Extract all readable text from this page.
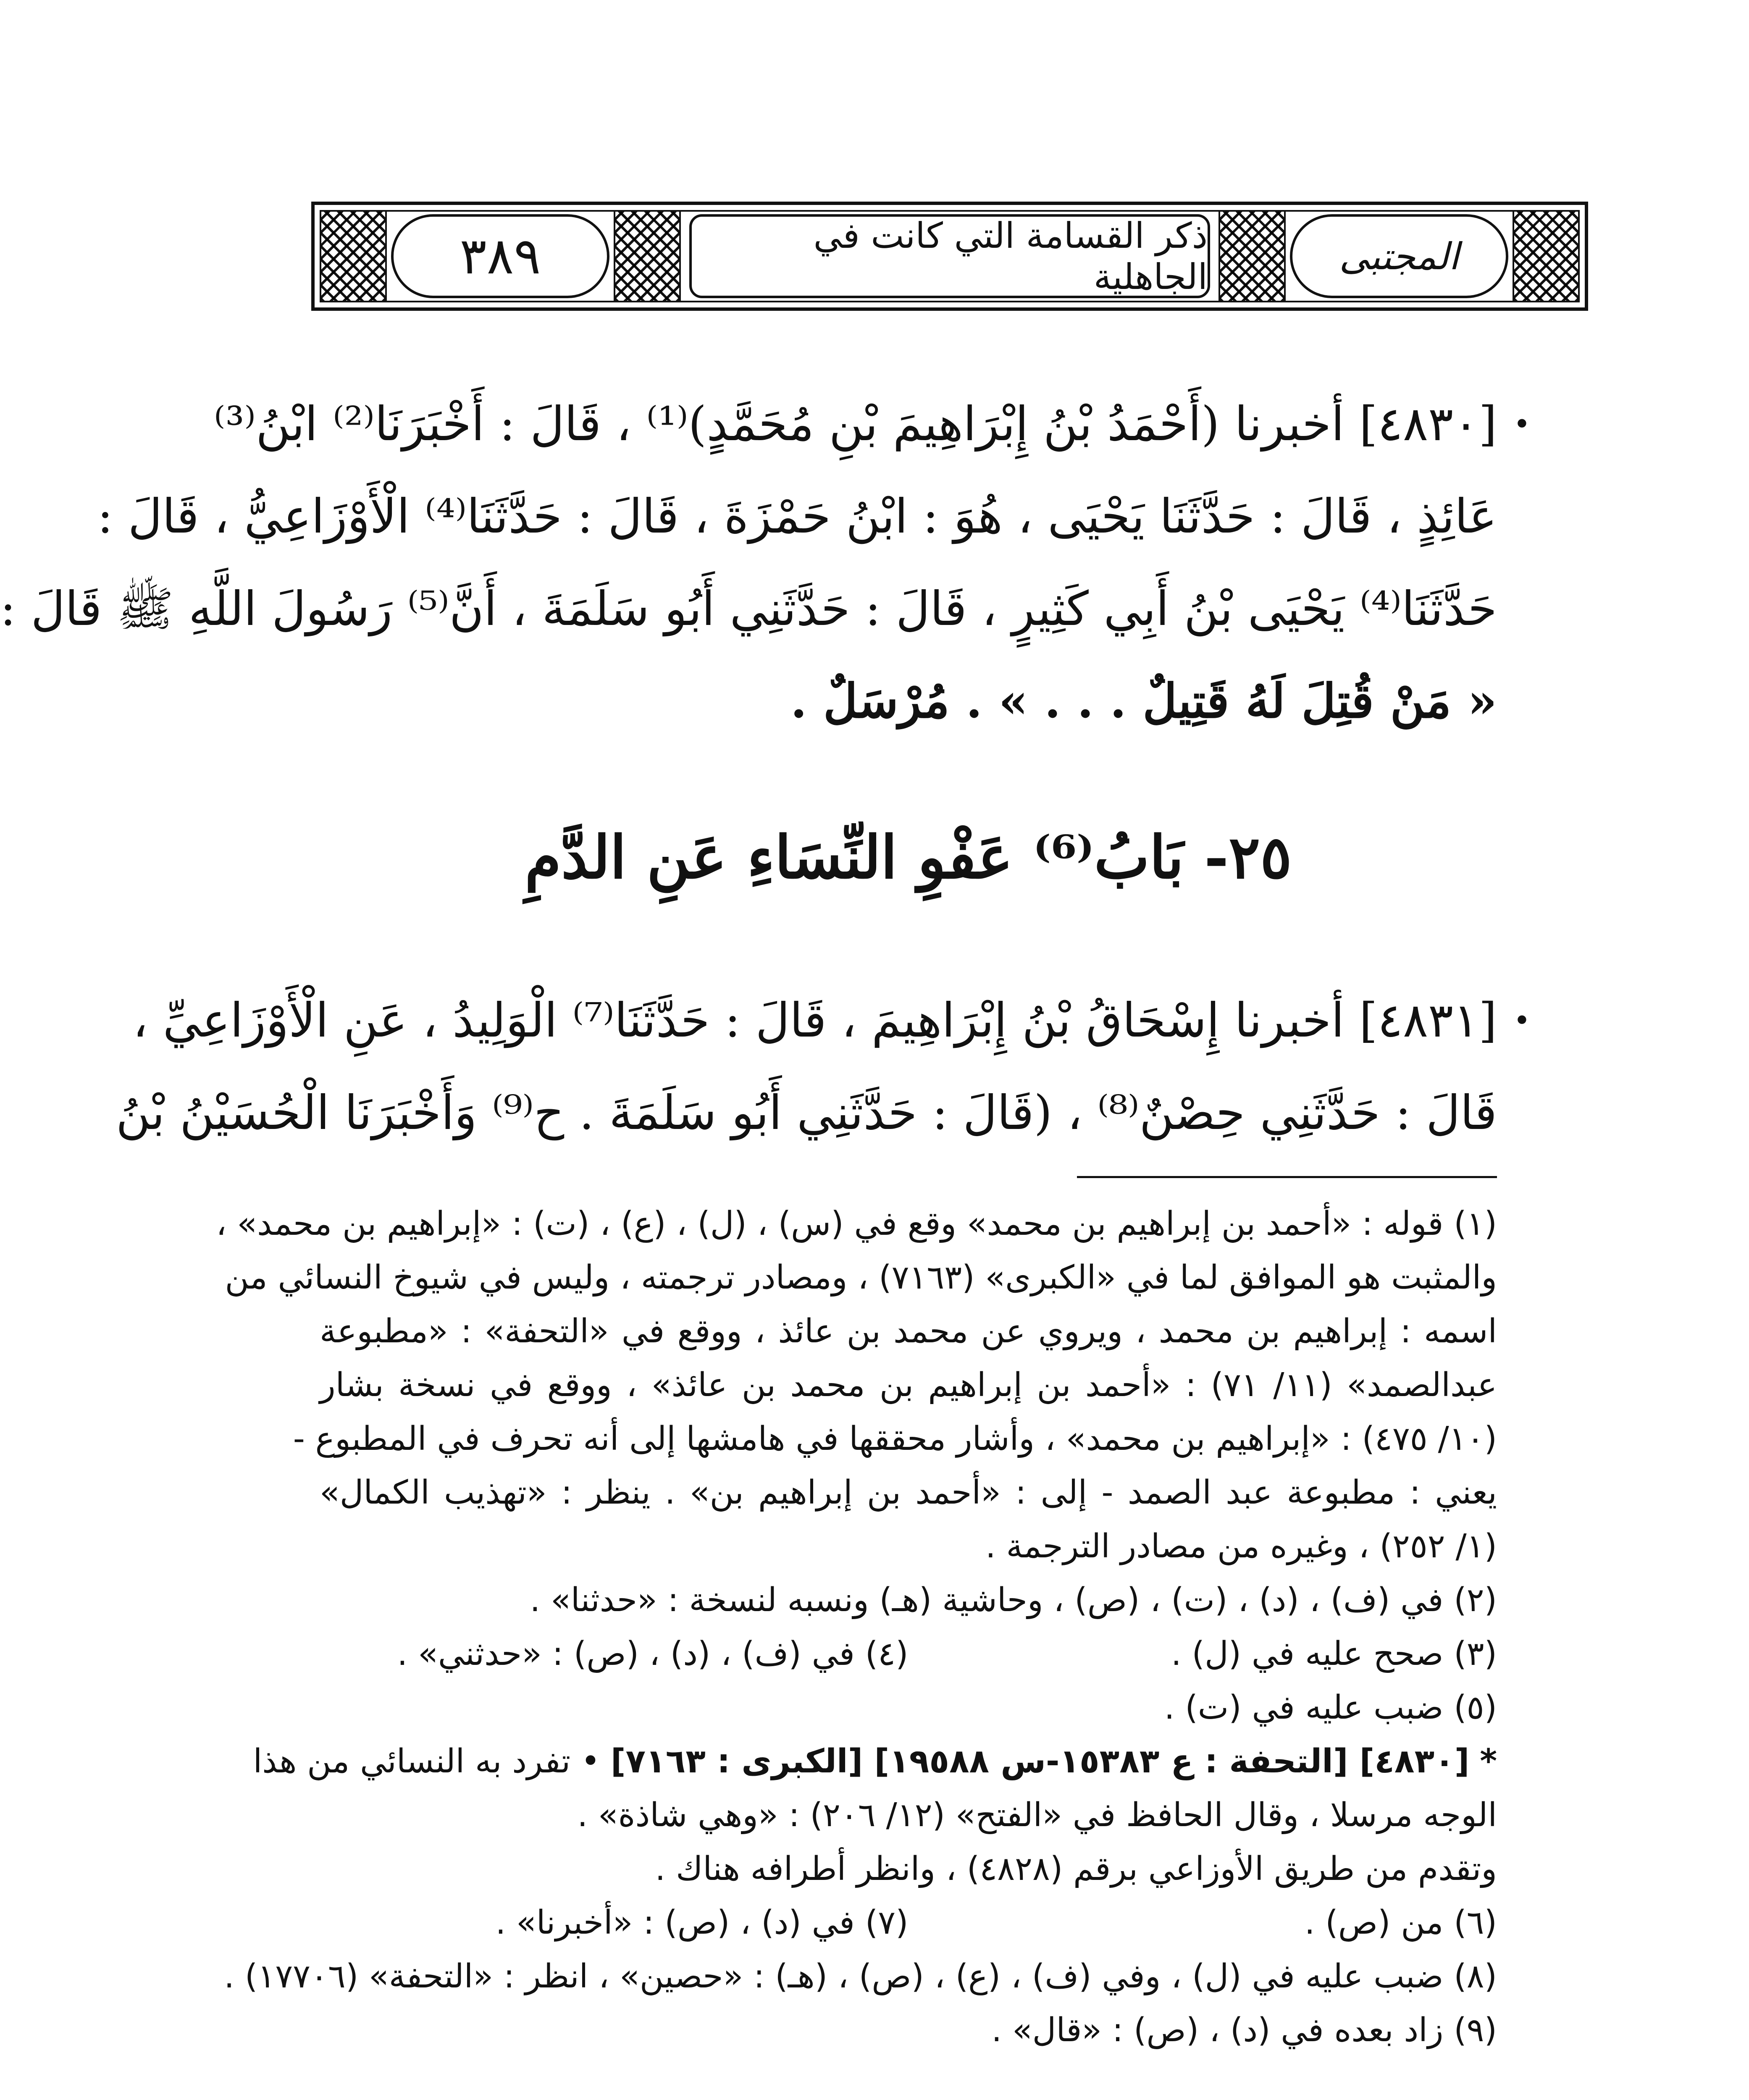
٣٨٩	ذكر القسامة التي كانت في الجاهلية	المجتبى
•
[٤٨٣٠] أخبرنا (أَحْمَدُ بْنُ إِبْرَاهِيمَ بْنِ مُحَمَّدٍ)⁽¹⁾ ، قَالَ : أَخْبَرَنَا⁽²⁾ ابْنُ⁽³⁾
عَائِذٍ ، قَالَ : حَدَّثَنَا يَحْيَى ، هُوَ : ابْنُ حَمْزَةَ ، قَالَ : حَدَّثَنَا⁽⁴⁾ الْأَوْزَاعِيُّ ، قَالَ :
حَدَّثَنَا⁽⁴⁾ يَحْيَى بْنُ أَبِي كَثِيرٍ ، قَالَ : حَدَّثَنِي أَبُو سَلَمَةَ ، أَنَّ⁽⁵⁾ رَسُولَ اللَّهِ ﷺ قَالَ :
« مَنْ قُتِلَ لَهُ قَتِيلٌ . . . » . مُرْسَلٌ .
٢٥- بَابُ⁽⁶⁾ عَفْوِ النِّسَاءِ عَنِ الدَّمِ
•
[٤٨٣١] أخبرنا إِسْحَاقُ بْنُ إِبْرَاهِيمَ ، قَالَ : حَدَّثَنَا⁽⁷⁾ الْوَلِيدُ ، عَنِ الْأَوْزَاعِيِّ ،
قَالَ : حَدَّثَنِي حِصْنٌ⁽⁸⁾ ، (قَالَ : حَدَّثَنِي أَبُو سَلَمَةَ . ح⁽⁹⁾ وَأَخْبَرَنَا الْحُسَيْنُ بْنُ
(١) قوله : «أحمد بن إبراهيم بن محمد» وقع في (س) ، (ل) ، (ع) ، (ت) : «إبراهيم بن محمد» ،
والمثبت هو الموافق لما في «الكبرى» (٧١٦٣) ، ومصادر ترجمته ، وليس في شيوخ النسائي من
اسمه : إبراهيم بن محمد ، ويروي عن محمد بن عائذ ، ووقع في «التحفة» : «مطبوعة
عبدالصمد» (١١/ ٧١) : «أحمد بن إبراهيم بن محمد بن عائذ» ، ووقع في نسخة بشار
(١٠/ ٤٧٥) : «إبراهيم بن محمد» ، وأشار محققها في هامشها إلى أنه تحرف في المطبوع -
يعني : مطبوعة عبد الصمد - إلى : «أحمد بن إبراهيم بن» . ينظر : «تهذيب الكمال»
(١/ ٢٥٢) ، وغيره من مصادر الترجمة .
(٢) في (ف) ، (د) ، (ت) ، (ص) ، وحاشية (هـ) ونسبه لنسخة : «حدثنا» .
(٣) صحح عليه في (ل) .
(٤) في (ف) ، (د) ، (ص) : «حدثني» .
(٥) ضبب عليه في (ت) .
* [٤٨٣٠] [التحفة : ع ١٥٣٨٣-س ١٩٥٨٨] [الكبرى : ٧١٦٣] • تفرد به النسائي من هذا
الوجه مرسلا ، وقال الحافظ في «الفتح» (١٢/ ٢٠٦) : «وهي شاذة» .
وتقدم من طريق الأوزاعي برقم (٤٨٢٨) ، وانظر أطرافه هناك .
(٦) من (ص) .
(٧) في (د) ، (ص) : «أخبرنا» .
(٨) ضبب عليه في (ل) ، وفي (ف) ، (ع) ، (ص) ، (هـ) : «حصين» ، انظر : «التحفة» (١٧٧٠٦) .
(٩) زاد بعده في (د) ، (ص) : «قال» .
